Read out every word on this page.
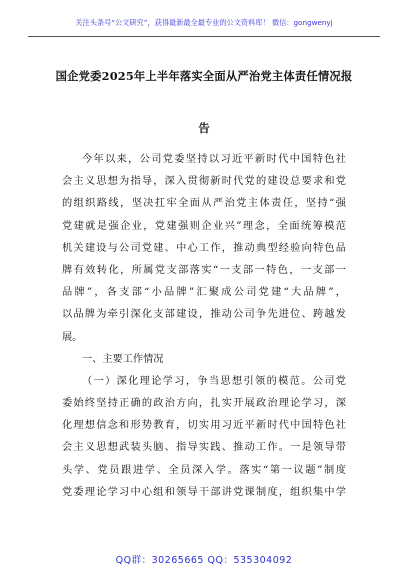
关注头条号“公文研究”，获得最新最全最专业的公文资料库！ 微信：gongwenyj
国企党委2025年上半年落实全面从严治党主体责任情况报
告
今年以来，公司党委坚持以习近平新时代中国特色社
会主义思想为指导，深入贯彻新时代党的建设总要求和党
的组织路线，坚决扛牢全面从严治党主体责任，坚持“强
党建就是强企业，党建强则企业兴”理念，全面统筹模范
机关建设与公司党建、中心工作，推动典型经验向特色品
牌有效转化，所属党支部落实“一支部一特色，一支部一
品牌”，各支部“小品牌”汇聚成公司党建“大品牌”，
以品牌为牵引深化支部建设，推动公司争先进位、跨越发
展。
一、主要工作情况
（一）深化理论学习，争当思想引领的模范。公司党
委始终坚持正确的政治方向，扎实开展政治理论学习，深
化理想信念和形势教育，切实用习近平新时代中国特色社
会主义思想武装头脑、指导实践、推动工作。一是领导带
头学、党员跟进学、全员深入学。落实“第一议题”制度
党委理论学习中心组和领导干部讲党课制度，组织集中学
QQ群：30265665 QQ：535304092
